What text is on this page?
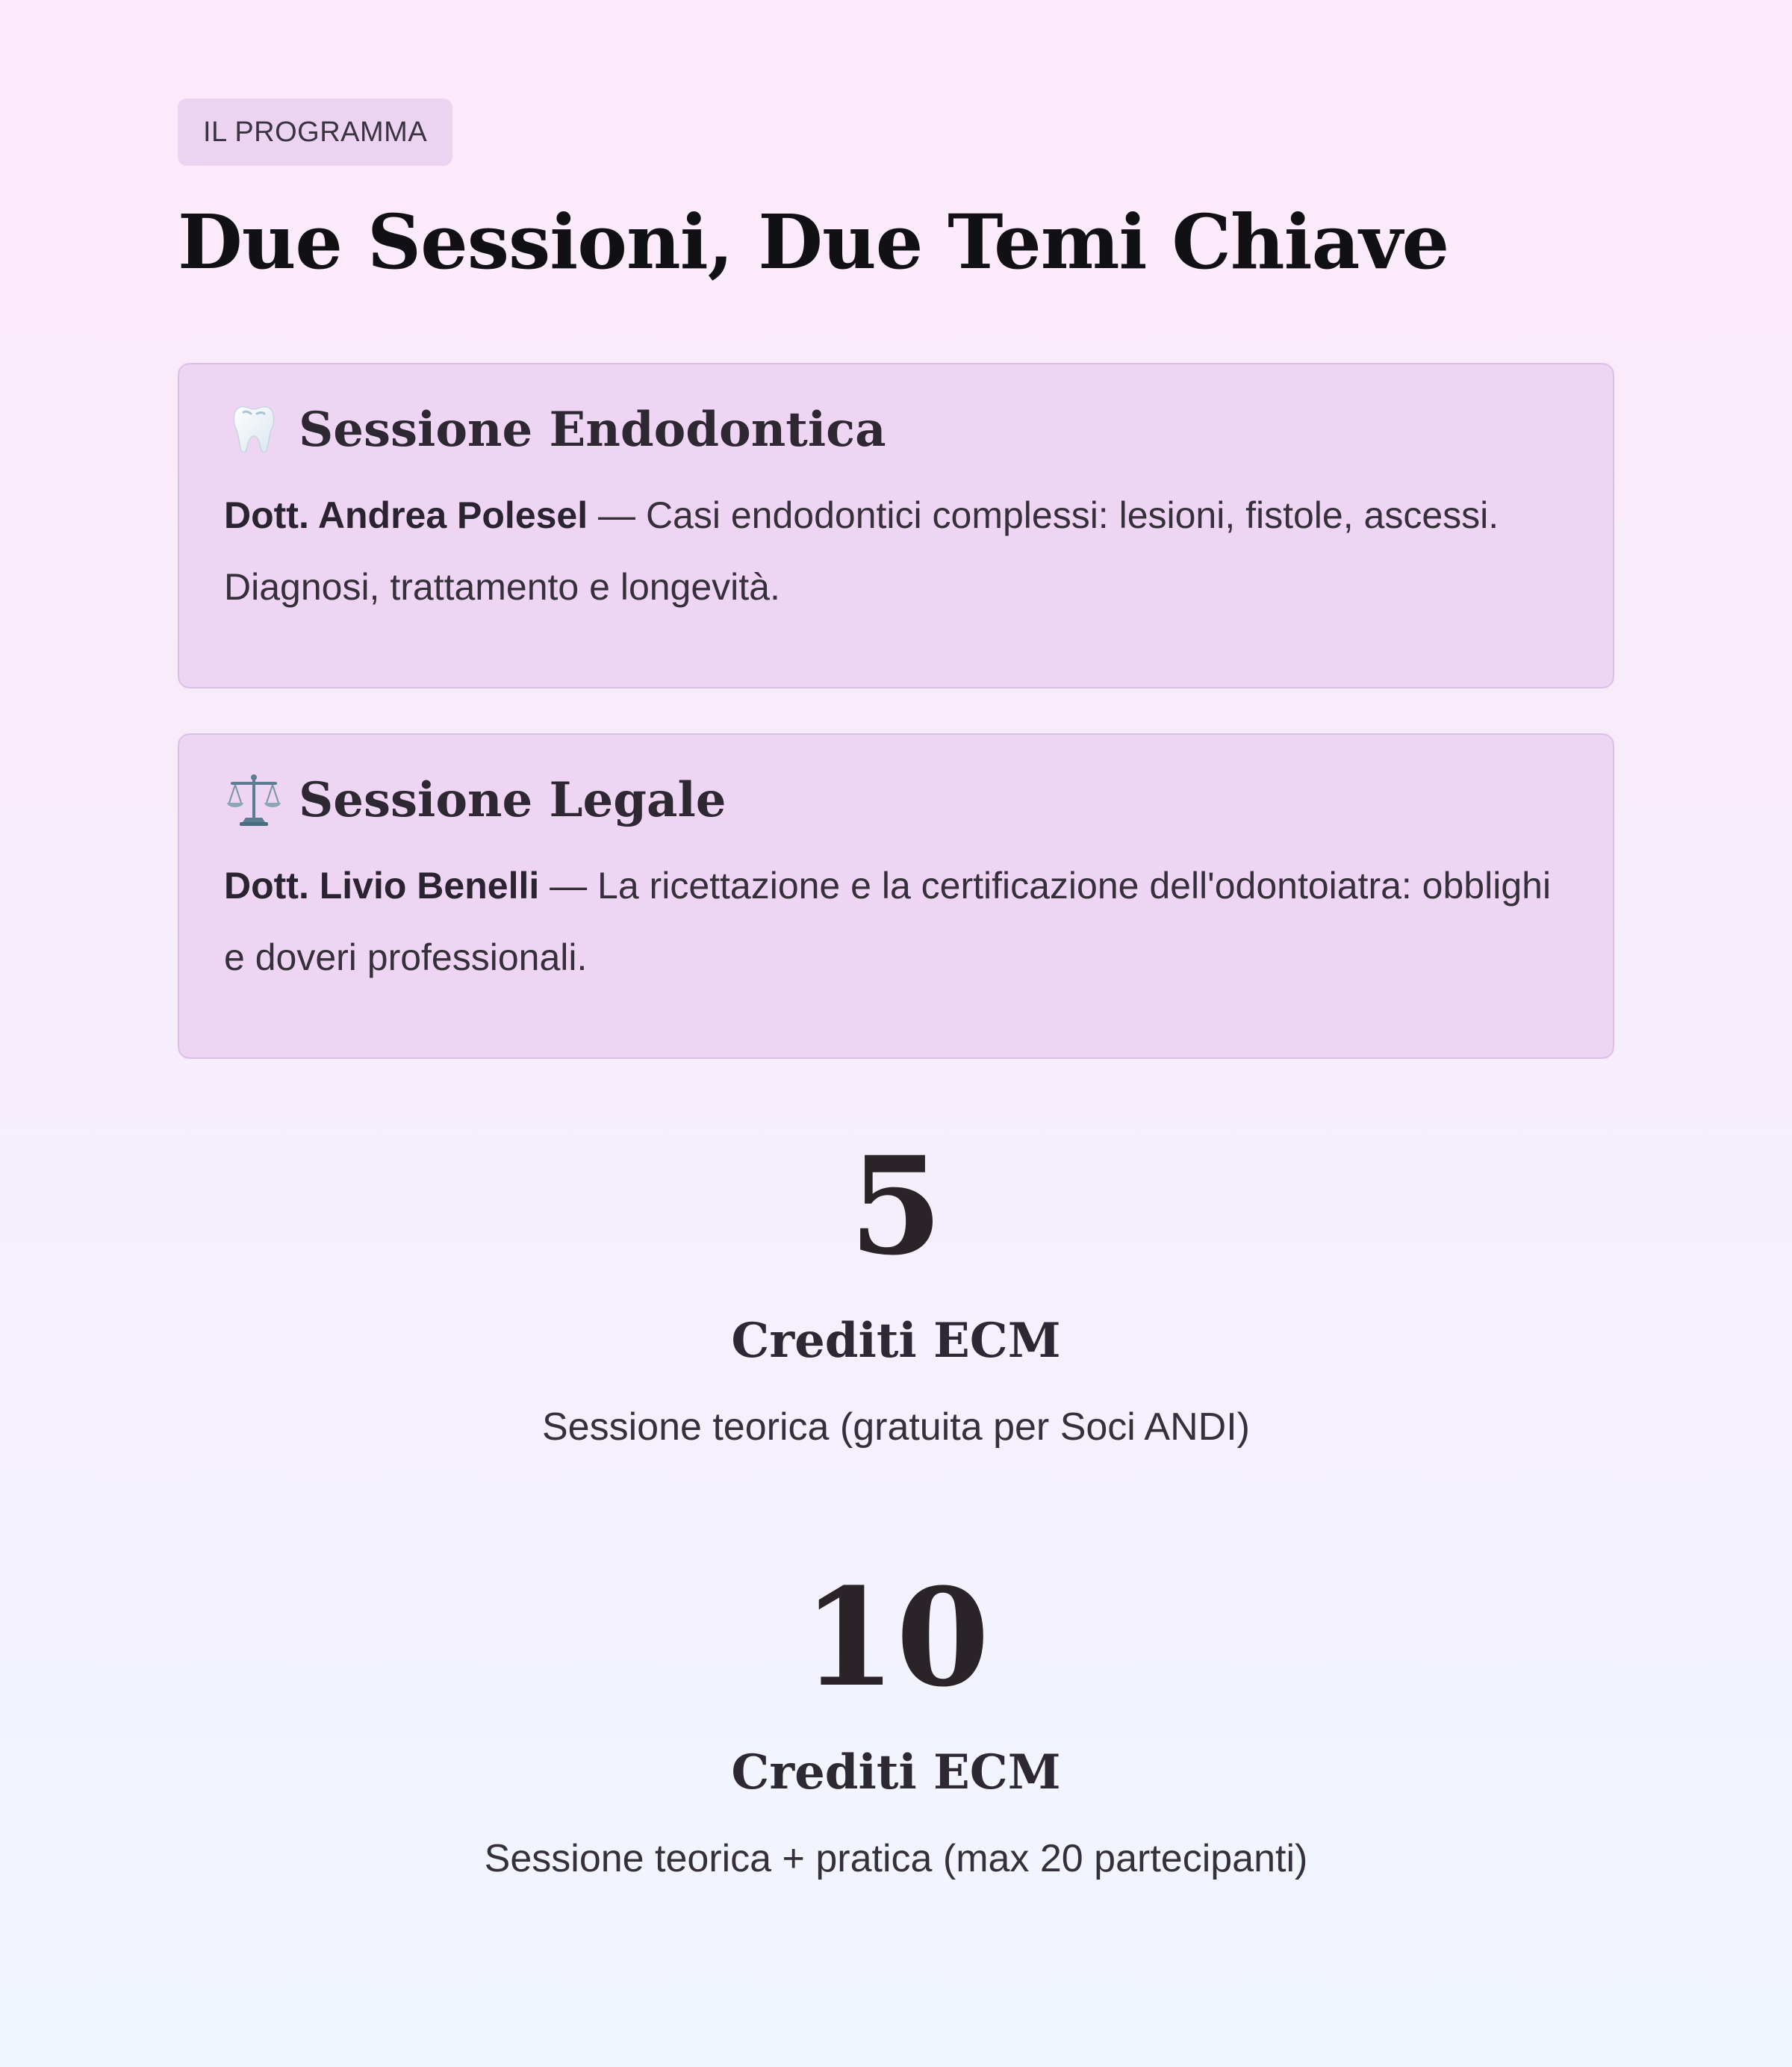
IL PROGRAMMA
Due Sessioni, Due Temi Chiave
Sessione Endodontica
Dott. Andrea Polesel — Casi endodontici complessi: lesioni, fistole, ascessi. Diagnosi, trattamento e longevità.
Sessione Legale
Dott. Livio Benelli — La ricettazione e la certificazione dell'odontoiatra: obblighi e doveri professionali.
5
Crediti ECM
Sessione teorica (gratuita per Soci ANDI)
10
Crediti ECM
Sessione teorica + pratica (max 20 partecipanti)
